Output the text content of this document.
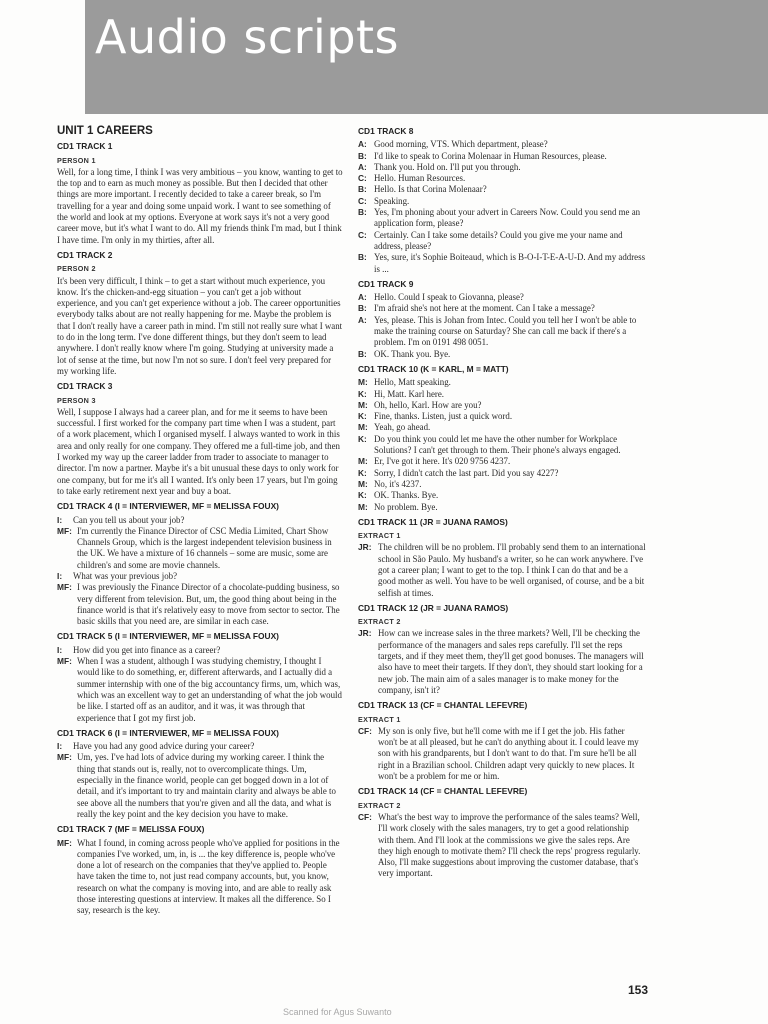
Audio scripts
UNIT 1 CAREERS
CD1 TRACK 1
PERSON 1
Well, for a long time, I think I was very ambitious – you know, wanting to get to the top and to earn as much money as possible. But then I decided that other things are more important. I recently decided to take a career break, so I'm travelling for a year and doing some unpaid work. I want to see something of the world and look at my options. Everyone at work says it's not a very good career move, but it's what I want to do. All my friends think I'm mad, but I think I have time. I'm only in my thirties, after all.
CD1 TRACK 2
PERSON 2
It's been very difficult, I think – to get a start without much experience, you know. It's the chicken-and-egg situation – you can't get a job without experience, and you can't get experience without a job. The career opportunities everybody talks about are not really happening for me. Maybe the problem is that I don't really have a career path in mind. I'm still not really sure what I want to do in the long term. I've done different things, but they don't seem to lead anywhere. I don't really know where I'm going. Studying at university made a lot of sense at the time, but now I'm not so sure. I don't feel very prepared for my working life.
CD1 TRACK 3
PERSON 3
Well, I suppose I always had a career plan, and for me it seems to have been successful. I first worked for the company part time when I was a student, part of a work placement, which I organised myself. I always wanted to work in this area and only really for one company. They offered me a full-time job, and then I worked my way up the career ladder from trader to associate to manager to director. I'm now a partner. Maybe it's a bit unusual these days to only work for one company, but for me it's all I wanted. It's only been 17 years, but I'm going to take early retirement next year and buy a boat.
CD1 TRACK 4 (I = INTERVIEWER, MF = MELISSA FOUX)
I:	Can you tell us about your job?
MF: I'm currently the Finance Director of CSC Media Limited, Chart Show Channels Group, which is the largest independent television business in the UK. We have a mixture of 16 channels – some are music, some are children's and some are movie channels.
I:	What was your previous job?
MF: I was previously the Finance Director of a chocolate-pudding business, so very different from television. But, um, the good thing about being in the finance world is that it's relatively easy to move from sector to sector. The basic skills that you need are, are similar in each case.
CD1 TRACK 5 (I = INTERVIEWER, MF = MELISSA FOUX)
I:	How did you get into finance as a career?
MF: When I was a student, although I was studying chemistry, I thought I would like to do something, er, different afterwards, and I actually did a summer internship with one of the big accountancy firms, um, which was, which was an excellent way to get an understanding of what the job would be like. I started off as an auditor, and it was, it was through that experience that I got my first job.
CD1 TRACK 6 (I = INTERVIEWER, MF = MELISSA FOUX)
I:	Have you had any good advice during your career?
MF: Um, yes. I've had lots of advice during my working career. I think the thing that stands out is, really, not to overcomplicate things. Um, especially in the finance world, people can get bogged down in a lot of detail, and it's important to try and maintain clarity and always be able to see above all the numbers that you're given and all the data, and what is really the key point and the key decision you have to make.
CD1 TRACK 7 (MF = MELISSA FOUX)
MF: What I found, in coming across people who've applied for positions in the companies I've worked, um, in, is ... the key difference is, people who've done a lot of research on the companies that they've applied to. People have taken the time to, not just read company accounts, but, you know, research on what the company is moving into, and are able to really ask those interesting questions at interview. It makes all the difference. So I say, research is the key.
CD1 TRACK 8
A: Good morning, VTS. Which department, please?
B: I'd like to speak to Corina Molenaar in Human Resources, please.
A: Thank you. Hold on. I'll put you through.
C: Hello. Human Resources.
B: Hello. Is that Corina Molenaar?
C: Speaking.
B: Yes, I'm phoning about your advert in Careers Now. Could you send me an application form, please?
C: Certainly. Can I take some details? Could you give me your name and address, please?
B: Yes, sure, it's Sophie Boiteaud, which is B-O-I-T-E-A-U-D. And my address is ...
CD1 TRACK 9
A: Hello. Could I speak to Giovanna, please?
B: I'm afraid she's not here at the moment. Can I take a message?
A: Yes, please. This is Johan from Intec. Could you tell her I won't be able to make the training course on Saturday? She can call me back if there's a problem. I'm on 0191 498 0051.
B: OK. Thank you. Bye.
CD1 TRACK 10 (K = KARL, M = MATT)
M: Hello, Matt speaking.
K: Hi, Matt. Karl here.
M: Oh, hello, Karl. How are you?
K: Fine, thanks. Listen, just a quick word.
M: Yeah, go ahead.
K: Do you think you could let me have the other number for Workplace Solutions? I can't get through to them. Their phone's always engaged.
M: Er, I've got it here. It's 020 9756 4237.
K: Sorry, I didn't catch the last part. Did you say 4227?
M: No, it's 4237.
K: OK. Thanks. Bye.
M: No problem. Bye.
CD1 TRACK 11 (JR = JUANA RAMOS)
EXTRACT 1
JR: The children will be no problem. I'll probably send them to an international school in São Paulo. My husband's a writer, so he can work anywhere. I've got a career plan; I want to get to the top. I think I can do that and be a good mother as well. You have to be well organised, of course, and be a bit selfish at times.
CD1 TRACK 12 (JR = JUANA RAMOS)
EXTRACT 2
JR: How can we increase sales in the three markets? Well, I'll be checking the performance of the managers and sales reps carefully. I'll set the reps targets, and if they meet them, they'll get good bonuses. The managers will also have to meet their targets. If they don't, they should start looking for a new job. The main aim of a sales manager is to make money for the company, isn't it?
CD1 TRACK 13 (CF = CHANTAL LEFEVRE)
EXTRACT 1
CF: My son is only five, but he'll come with me if I get the job. His father won't be at all pleased, but he can't do anything about it. I could leave my son with his grandparents, but I don't want to do that. I'm sure he'll be all right in a Brazilian school. Children adapt very quickly to new places. It won't be a problem for me or him.
CD1 TRACK 14 (CF = CHANTAL LEFEVRE)
EXTRACT 2
CF: What's the best way to improve the performance of the sales teams? Well, I'll work closely with the sales managers, try to get a good relationship with them. And I'll look at the commissions we give the sales reps. Are they high enough to motivate them? I'll check the reps' progress regularly. Also, I'll make suggestions about improving the customer database, that's very important.
153
Scanned for Agus Suwanto
